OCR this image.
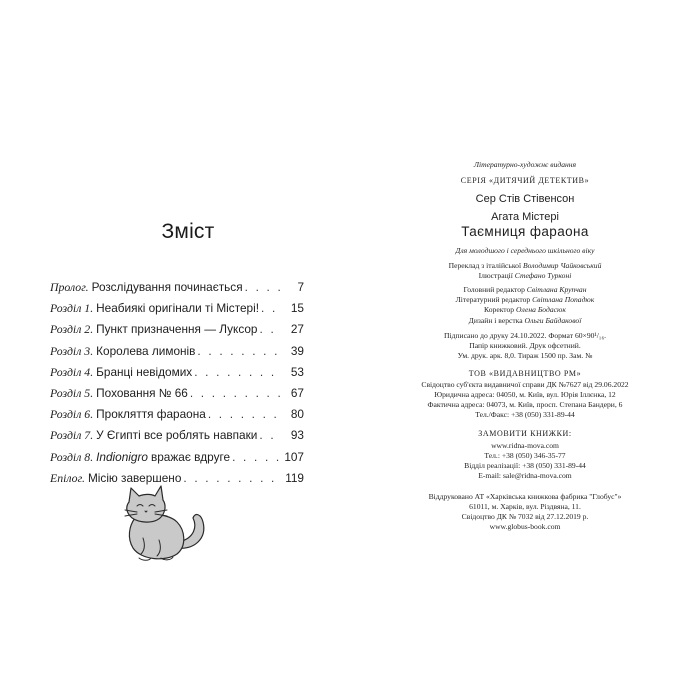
Зміст
Пролог. Розслідування починається . . .	7
Розділ 1. Неабиякі оригінали ті Містері! . . .	15
Розділ 2. Пункт призначення — Луксор . . .	27
Розділ 3. Королева лимонів . . .	39
Розділ 4. Бранці невідомих . . .	53
Розділ 5. Поховання № 66 . . .	67
Розділ 6. Прокляття фараона . . .	80
Розділ 7. У Єгипті все роблять навпаки . . .	93
Розділ 8. Indionigro вражає вдруге . . .	107
Епілог. Місію завершено . . .	119
Літературно-художнє видання
СЕРІЯ «ДИТЯЧИЙ ДЕТЕКТИВ»
Сер Стів Стівенсон
Агата Містері
Таємниця фараона
Для молодшого і середнього шкільного віку
Переклад з італійської Володимир Чайковський
Ілюстрації Стефано Турконі
Головний редактор Світлана Крупчан
Літературний редактор Світлана Попадюк
Коректор Олена Бодасюк
Дизайн і верстка Ольги Байдакової
Підписано до друку 24.10.2022. Формат 60×90¹/₁₆.
Папір книжковий. Друк офсетний.
Ум. друк. арк. 8,0. Тираж 1500 пр. Зам. №
ТОВ «ВИДАВНИЦТВО РМ»
Свідоцтво суб'єкта видавничої справи ДК №7627 від 29.06.2022
Юридична адреса: 04050, м. Київ, вул. Юрія Іллєнка, 12
Фактична адреса: 04073, м. Київ, просп. Степана Бандери, 6
Тел./Факс: +38 (050) 331-89-44
ЗАМОВИТИ КНИЖКИ:
www.ridna-mova.com
Тел.: +38 (050) 346-35-77
Відділ реалізації: +38 (050) 331-89-44
E-mail: sale@ridna-mova.com
Віддруковано АТ «Харківська книжкова фабрика "Глобус"»
61011, м. Харків, вул. Різдвяна, 11.
Свідоцтво ДК № 7032 від 27.12.2019 р.
www.globus-book.com
